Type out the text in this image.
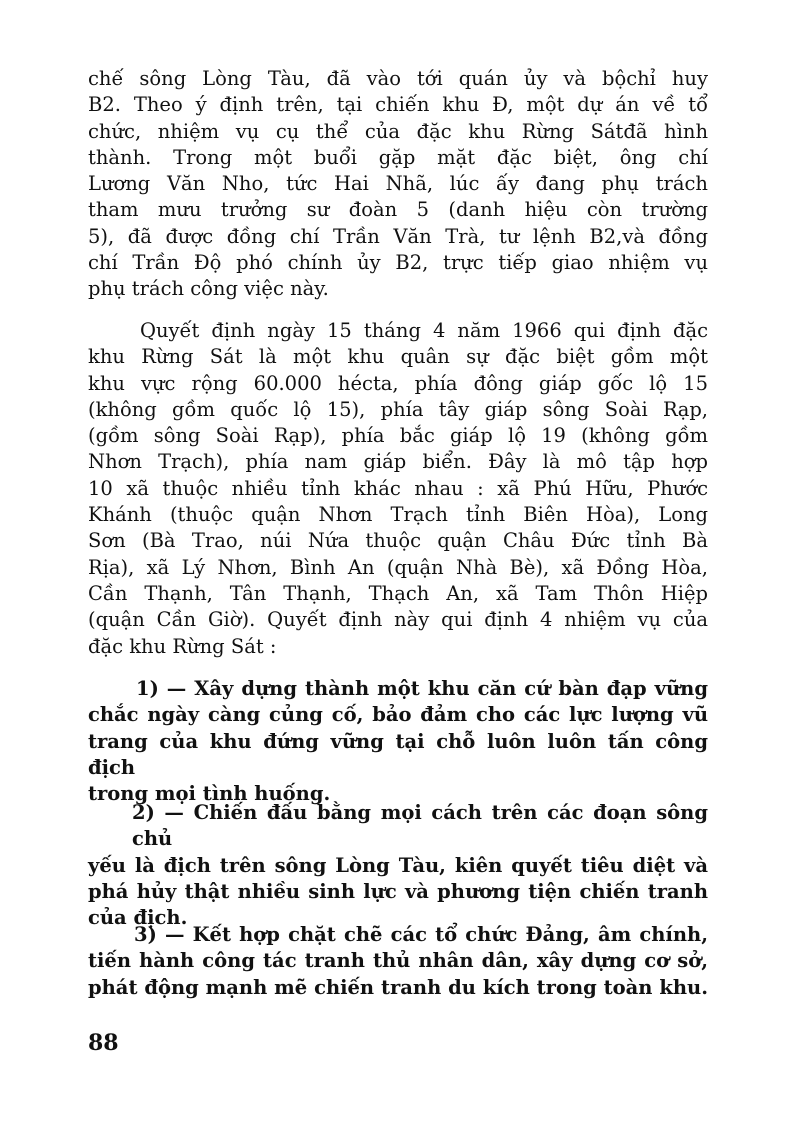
chế sông Lòng Tàu, đã vào tới quán ủy và bộchỉ huy
B2. Theo ý định trên, tại chiến khu Đ, một dự án về tổ
chức, nhiệm vụ cụ thể của đặc khu Rừng Sátđã hình
thành. Trong một buổi gặp mặt đặc biệt, ông chí
Lương Văn Nho, tức Hai Nhã, lúc ấy đang phụ trách
tham mưu trưởng sư đoàn 5 (danh hiệu còn trường
5), đã được đồng chí Trần Văn Trà, tư lệnh B2,và đồng
chí Trần Độ phó chính ủy B2, trực tiếp giao nhiệm vụ
phụ trách công việc này.
Quyết định ngày 15 tháng 4 năm 1966 qui định đặc
khu Rừng Sát là một khu quân sự đặc biệt gồm một
khu vực rộng 60.000 hécta, phía đông giáp gốc lộ 15
(không gồm quốc lộ 15), phía tây giáp sông Soài Rạp,
(gồm sông Soài Rạp), phía bắc giáp lộ 19 (không gồm
Nhơn Trạch), phía nam giáp biển. Đây là mô tập hợp
10 xã thuộc nhiều tỉnh khác nhau : xã Phú Hữu, Phước
Khánh (thuộc quận Nhơn Trạch tỉnh Biên Hòa), Long
Sơn (Bà Trao, núi Nứa thuộc quận Châu Đức tỉnh Bà
Rịa), xã Lý Nhơn, Bình An (quận Nhà Bè), xã Đồng Hòa,
Cần Thạnh, Tân Thạnh, Thạch An, xã Tam Thôn Hiệp
(quận Cần Giờ). Quyết định này qui định 4 nhiệm vụ của
đặc khu Rừng Sát :
1) — Xây dựng thành một khu căn cứ bàn đạp vững
chắc ngày càng củng cố, bảo đảm cho các lực lượng vũ
trang của khu đứng vững tại chỗ luôn luôn tấn công địch
trong mọi tình huống.
2) — Chiến đấu bằng mọi cách trên các đoạn sông chủ
yếu là địch trên sông Lòng Tàu, kiên quyết tiêu diệt và
phá hủy thật nhiều sinh lực và phương tiện chiến tranh
của địch.
3) — Kết hợp chặt chẽ các tổ chức Đảng, âm chính,
tiến hành công tác tranh thủ nhân dân, xây dựng cơ sở,
phát động mạnh mẽ chiến tranh du kích trong toàn khu.
88
